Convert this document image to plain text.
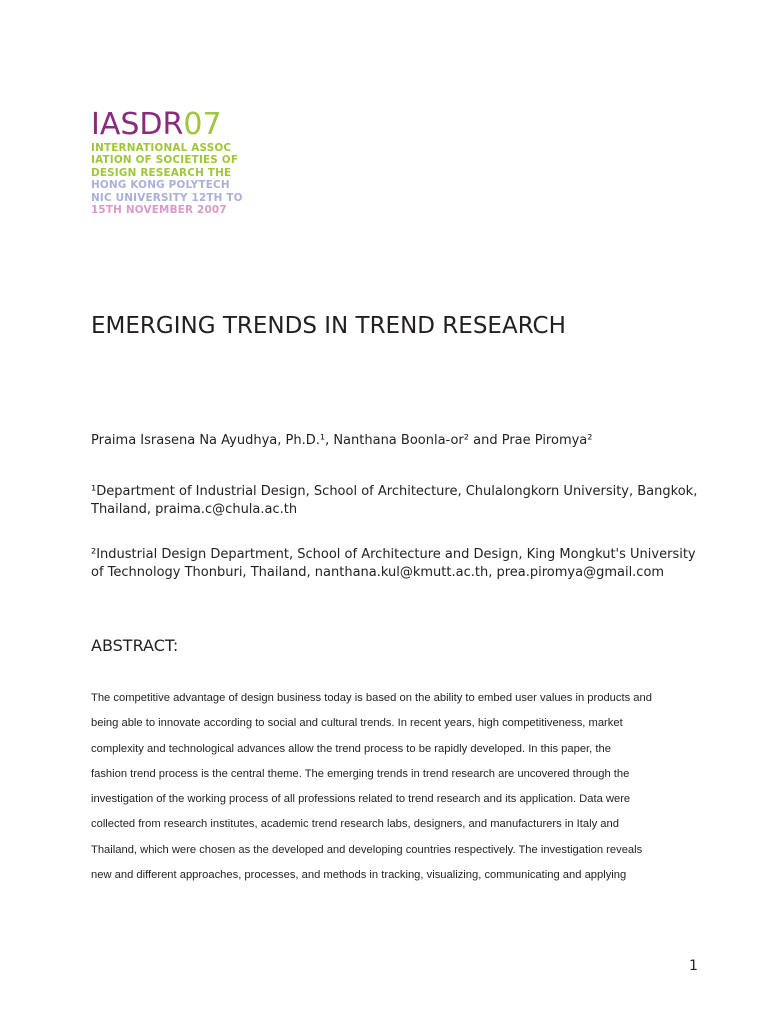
IASDR07
INTERNATIONAL ASSOC
IATION OF SOCIETIES OF
DESIGN RESEARCH THE
HONG KONG POLYTECH
NIC UNIVERSITY 12TH TO
15TH NOVEMBER 2007
EMERGING TRENDS IN TREND RESEARCH

Praima Israsena Na Ayudhya, Ph.D.¹, Nanthana Boonla-or² and Prae Piromya²

¹Department of Industrial Design, School of Architecture, Chulalongkorn University, Bangkok, Thailand, praima.c@chula.ac.th

²Industrial Design Department, School of Architecture and Design, King Mongkut's University of Technology Thonburi, Thailand, nanthana.kul@kmutt.ac.th, prea.piromya@gmail.com

ABSTRACT:
The competitive advantage of design business today is based on the ability to embed user values in products and
being able to innovate according to social and cultural trends. In recent years, high competitiveness, market
complexity and technological advances allow the trend process to be rapidly developed. In this paper, the
fashion trend process is the central theme. The emerging trends in trend research are uncovered through the
investigation of the working process of all professions related to trend research and its application. Data were
collected from research institutes, academic trend research labs, designers, and manufacturers in Italy and
Thailand, which were chosen as the developed and developing countries respectively. The investigation reveals
new and different approaches, processes, and methods in tracking, visualizing, communicating and applying

1
